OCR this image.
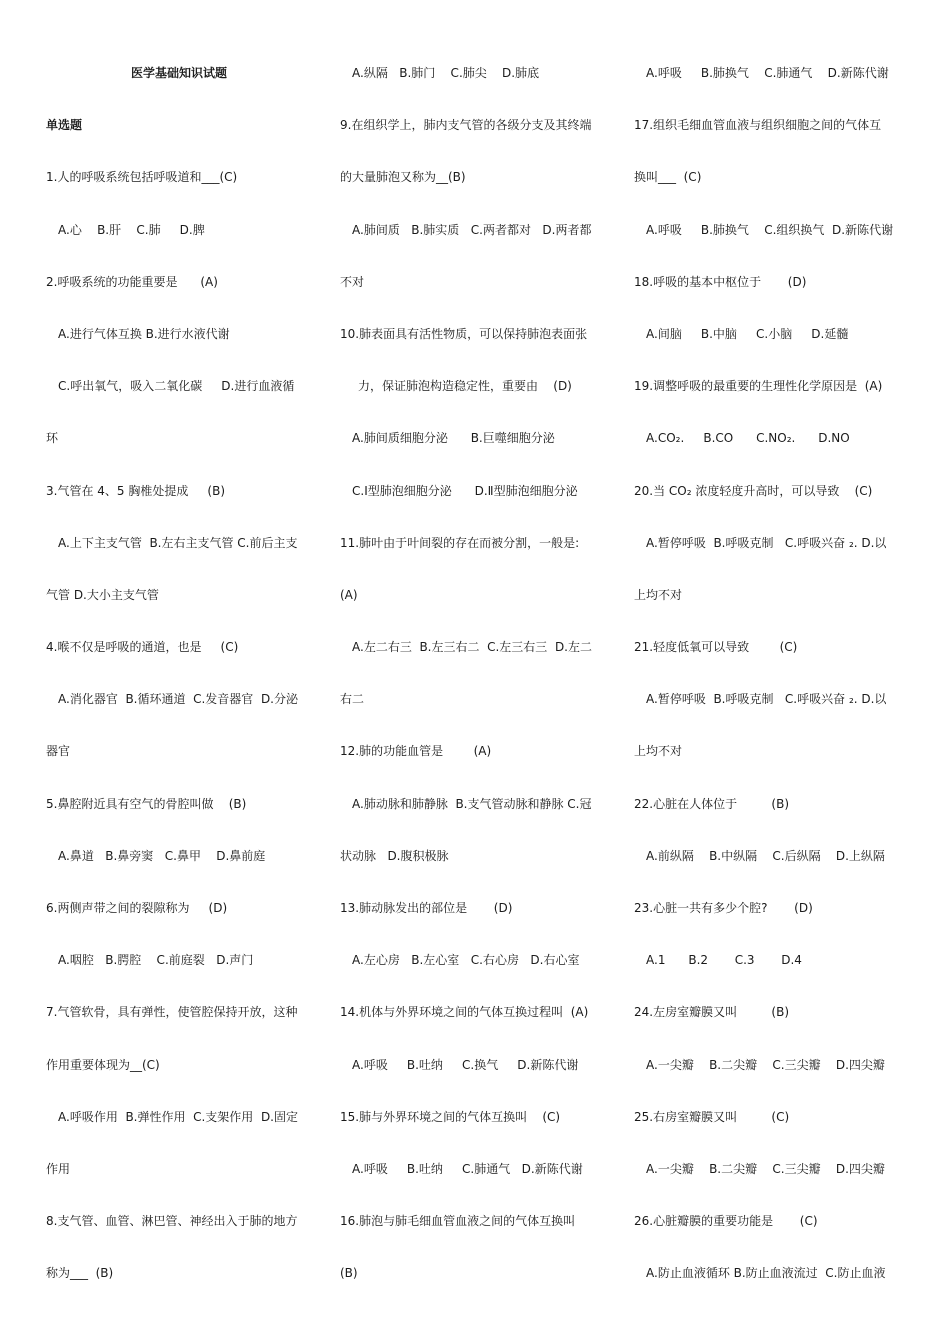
医学基础知识试题
单选题
1.人的呼吸系统包括呼吸道和___(C)
A.心    B.肝    C.肺     D.脾
2.呼吸系统的功能重要是      (A)
A.进行气体互换 B.进行水液代谢
C.呼出氧气，吸入二氧化碳     D.进行血液循
环
3.气管在 4、5 胸椎处提成     (B)
A.上下主支气管  B.左右主支气管 C.前后主支
气管 D.大小主支气管
4.喉不仅是呼吸的通道，也是     (C)
A.消化器官  B.循环通道  C.发音器官  D.分泌
器官
5.鼻腔附近具有空气的骨腔叫做    (B)
A.鼻道   B.鼻旁窦   C.鼻甲    D.鼻前庭
6.两侧声带之间的裂隙称为     (D)
A.咽腔   B.腭腔    C.前庭裂   D.声门
7.气管软骨，具有弹性，使管腔保持开放，这种
作用重要体现为__(C)
A.呼吸作用  B.弹性作用  C.支架作用  D.固定
作用
8.支气管、血管、淋巴管、神经出入于肺的地方
称为___  (B)
A.纵隔   B.肺门    C.肺尖    D.肺底
9.在组织学上，肺内支气管的各级分支及其终端
的大量肺泡又称为__(B)
A.肺间质   B.肺实质   C.两者都对   D.两者都
不对
10.肺表面具有活性物质，可以保持肺泡表面张
力，保证肺泡构造稳定性，重要由    (D)
A.肺间质细胞分泌      B.巨噬细胞分泌
C.Ⅰ型肺泡细胞分泌      D.Ⅱ型肺泡细胞分泌
11.肺叶由于叶间裂的存在而被分割，一般是:
(A)
A.左二右三  B.左三右二  C.左三右三  D.左二
右二
12.肺的功能血管是        (A)
A.肺动脉和肺静脉  B.支气管动脉和静脉 C.冠
状动脉   D.腹积极脉
13.肺动脉发出的部位是       (D)
A.左心房   B.左心室   C.右心房   D.右心室
14.机体与外界环境之间的气体互换过程叫  (A)
A.呼吸     B.吐纳     C.换气     D.新陈代谢
15.肺与外界环境之间的气体互换叫    (C)
A.呼吸     B.吐纳     C.肺通气   D.新陈代谢
16.肺泡与肺毛细血管血液之间的气体互换叫
(B)
A.呼吸     B.肺换气    C.肺通气    D.新陈代谢
17.组织毛细血管血液与组织细胞之间的气体互
换叫___  (C)
A.呼吸     B.肺换气    C.组织换气  D.新陈代谢
18.呼吸的基本中枢位于       (D)
A.间脑     B.中脑     C.小脑     D.延髓
19.调整呼吸的最重要的生理性化学原因是  (A)
A.CO₂.     B.CO      C.NO₂.      D.NO
20.当 CO₂ 浓度轻度升高时，可以导致    (C)
A.暂停呼吸  B.呼吸克制   C.呼吸兴奋 ₂. D.以
上均不对
21.轻度低氧可以导致        (C)
A.暂停呼吸  B.呼吸克制   C.呼吸兴奋 ₂. D.以
上均不对
22.心脏在人体位于         (B)
A.前纵隔    B.中纵隔    C.后纵隔    D.上纵隔
23.心脏一共有多少个腔?       (D)
A.1      B.2       C.3       D.4
24.左房室瓣膜又叫         (B)
A.一尖瓣    B.二尖瓣    C.三尖瓣    D.四尖瓣
25.右房室瓣膜又叫         (C)
A.一尖瓣    B.二尖瓣    C.三尖瓣    D.四尖瓣
26.心脏瓣膜的重要功能是       (C)
A.防止血液循环 B.防止血液流过  C.防止血液
